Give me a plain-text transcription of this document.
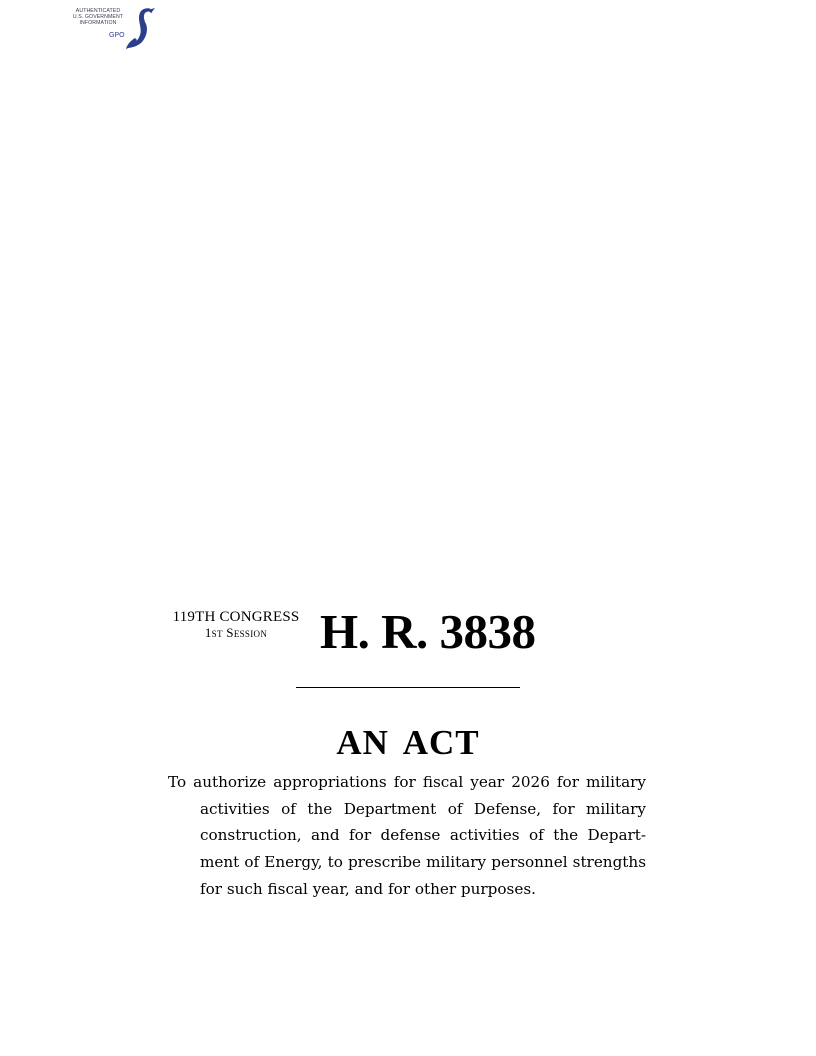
AUTHENTICATED
U.S. GOVERNMENT
INFORMATION
GPO
119TH CONGRESS
1st Session	H. R. 3838
AN ACT
To authorize appropriations for fiscal year 2026 for military activities of the Department of Defense, for military construction, and for defense activities of the Depart-ment of Energy, to prescribe military personnel strengths for such fiscal year, and for other purposes.
